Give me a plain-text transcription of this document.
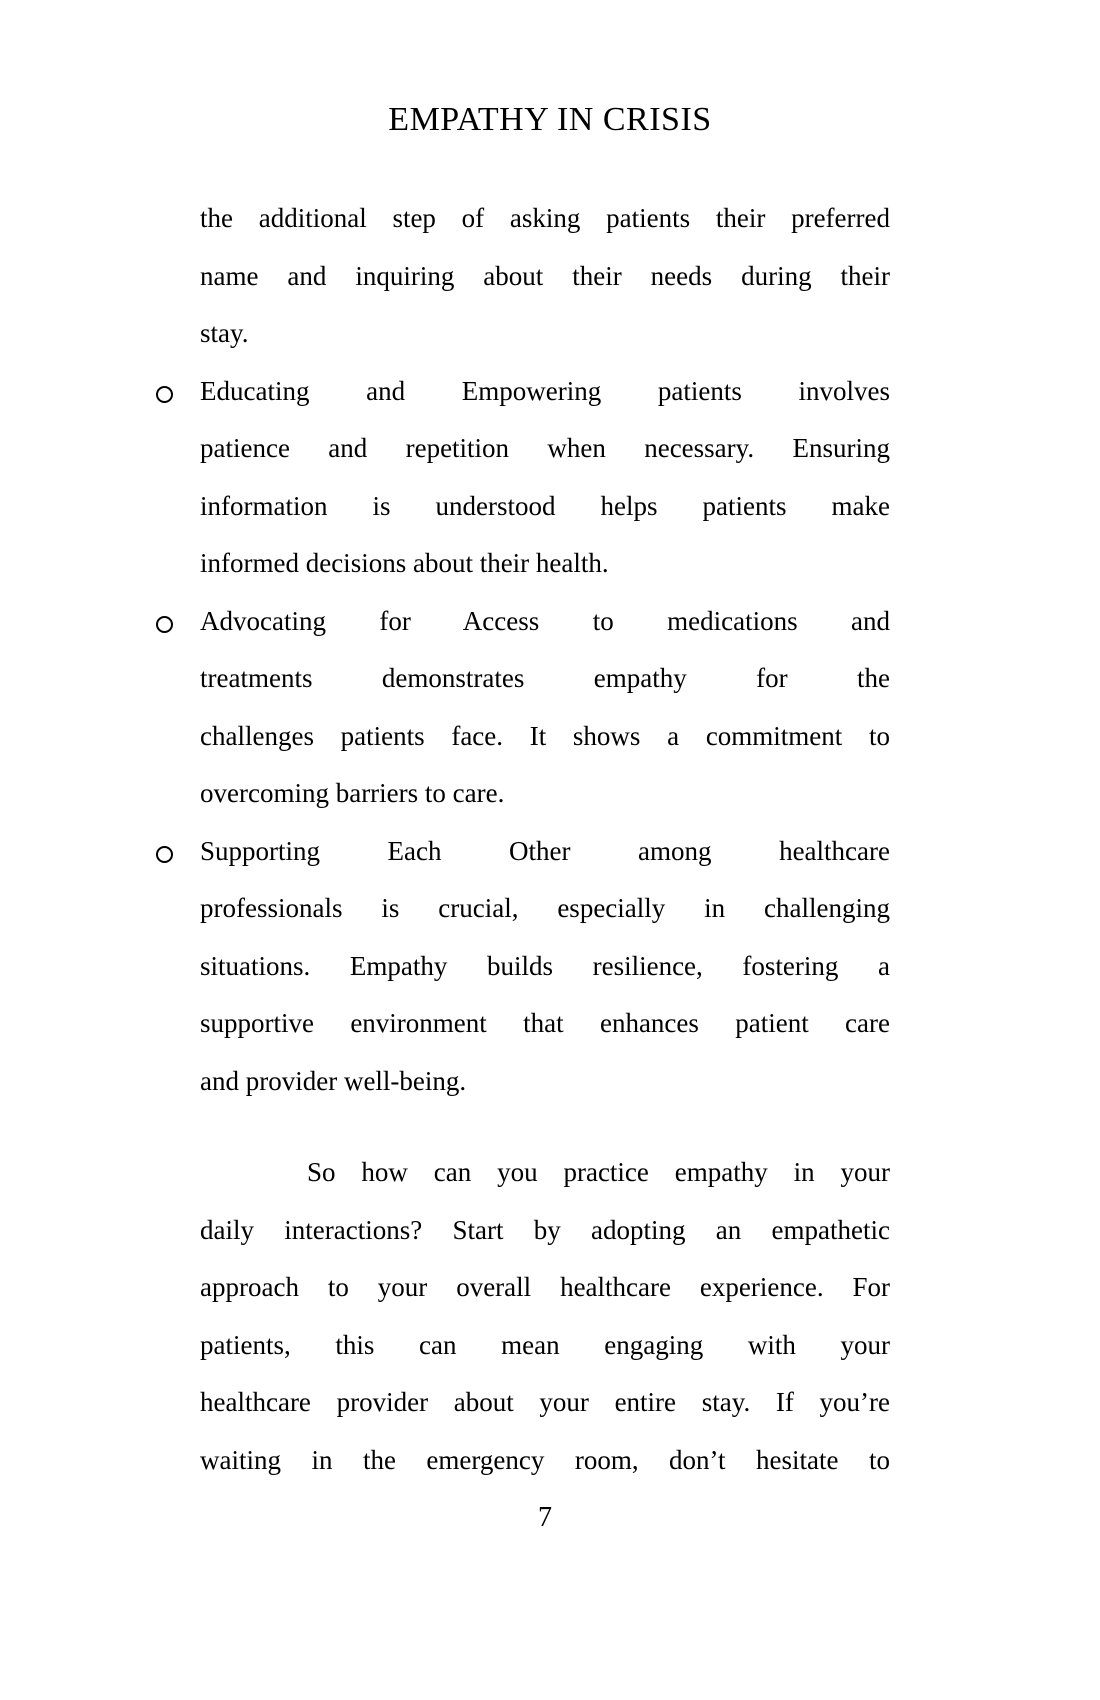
EMPATHY IN CRISIS
the additional step of asking patients their preferred
name and inquiring about their needs during their
stay.
Educating and Empowering patients involves
patience and repetition when necessary. Ensuring
information is understood helps patients make
informed decisions about their health.
Advocating for Access to medications and
treatments demonstrates empathy for the
challenges patients face. It shows a commitment to
overcoming barriers to care.
Supporting Each Other among healthcare
professionals is crucial, especially in challenging
situations. Empathy builds resilience, fostering a
supportive environment that enhances patient care
and provider well-being.
So how can you practice empathy in your
daily interactions? Start by adopting an empathetic
approach to your overall healthcare experience. For
patients, this can mean engaging with your
healthcare provider about your entire stay. If you’re
waiting in the emergency room, don’t hesitate to
7
